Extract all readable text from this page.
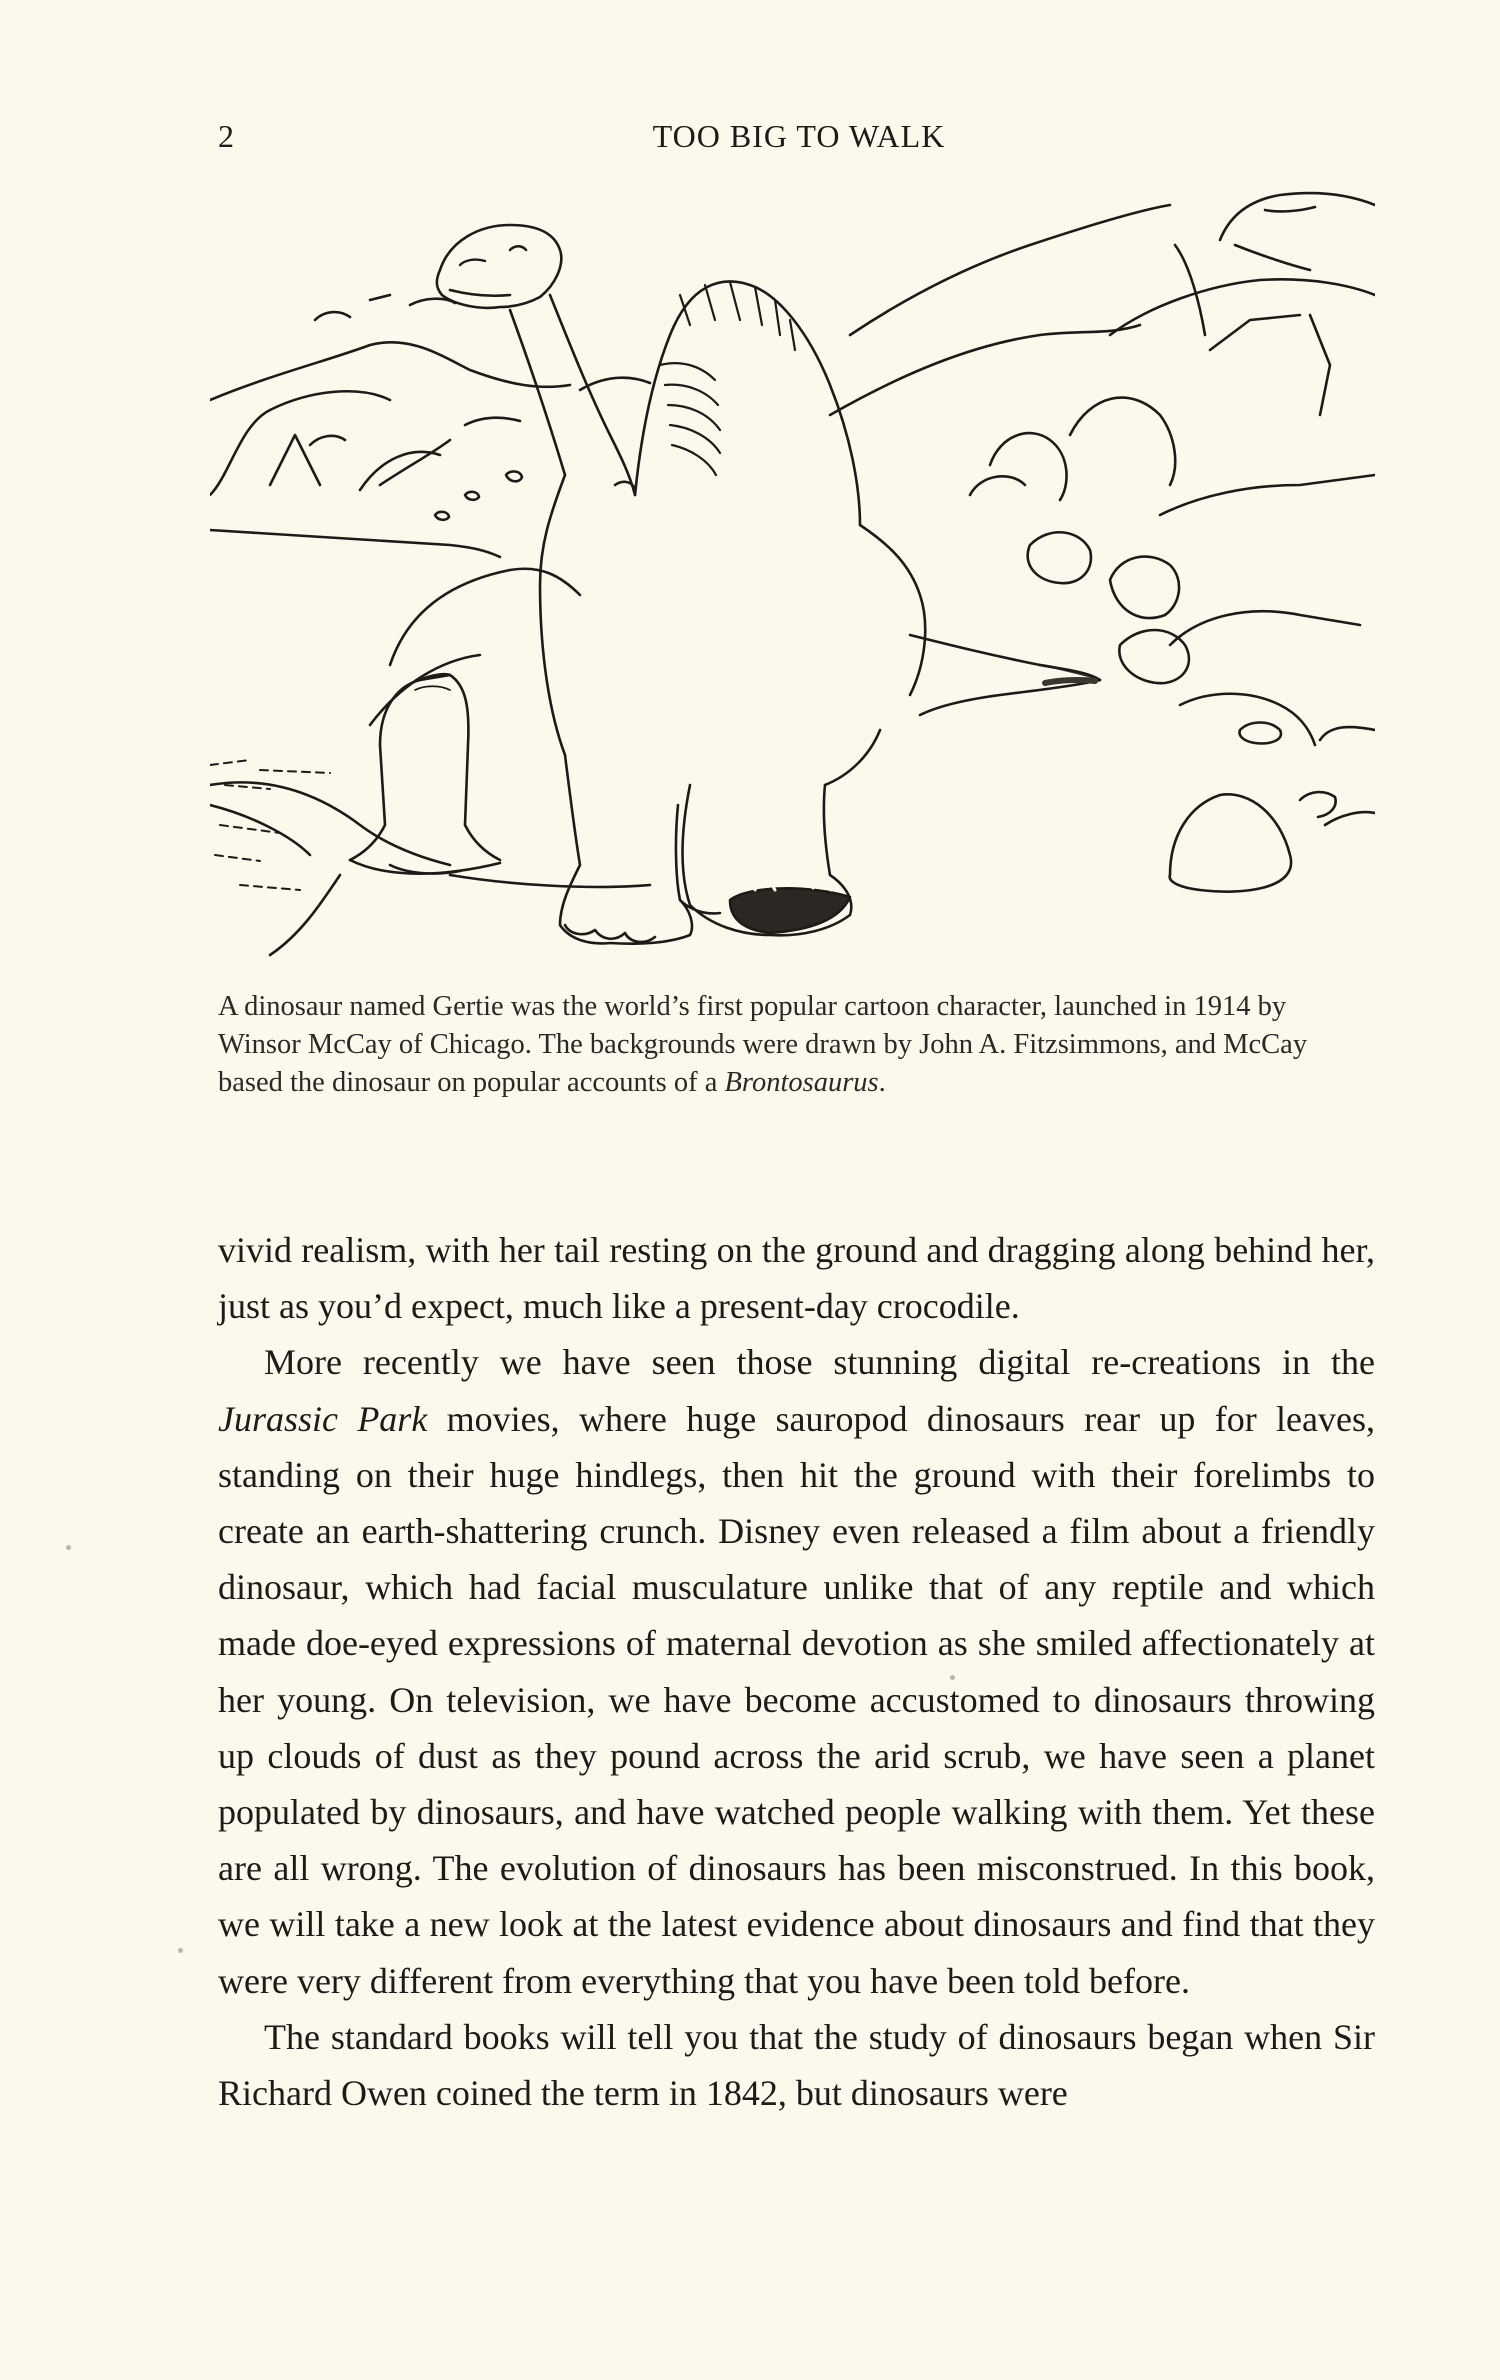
2	TOO BIG TO WALK

A dinosaur named Gertie was the world’s first popular cartoon character, launched in 1914 by Winsor McCay of Chicago. The backgrounds were drawn by John A. Fitzsimmons, and McCay based the dinosaur on popular accounts of a Brontosaurus.

vivid realism, with her tail resting on the ground and dragging along behind her, just as you’d expect, much like a present-day crocodile.

More recently we have seen those stunning digital re-creations in the Jurassic Park movies, where huge sauropod dinosaurs rear up for leaves, standing on their huge hindlegs, then hit the ground with their forelimbs to create an earth-shattering crunch. Disney even released a film about a friendly dinosaur, which had facial musculature unlike that of any reptile and which made doe-eyed expressions of maternal devotion as she smiled affectionately at her young. On television, we have become accustomed to dinosaurs throwing up clouds of dust as they pound across the arid scrub, we have seen a planet populated by dinosaurs, and have watched people walking with them. Yet these are all wrong. The evolution of dinosaurs has been misconstrued. In this book, we will take a new look at the latest evidence about dinosaurs and find that they were very different from everything that you have been told before.

The standard books will tell you that the study of dinosaurs began when Sir Richard Owen coined the term in 1842, but dinosaurs were
